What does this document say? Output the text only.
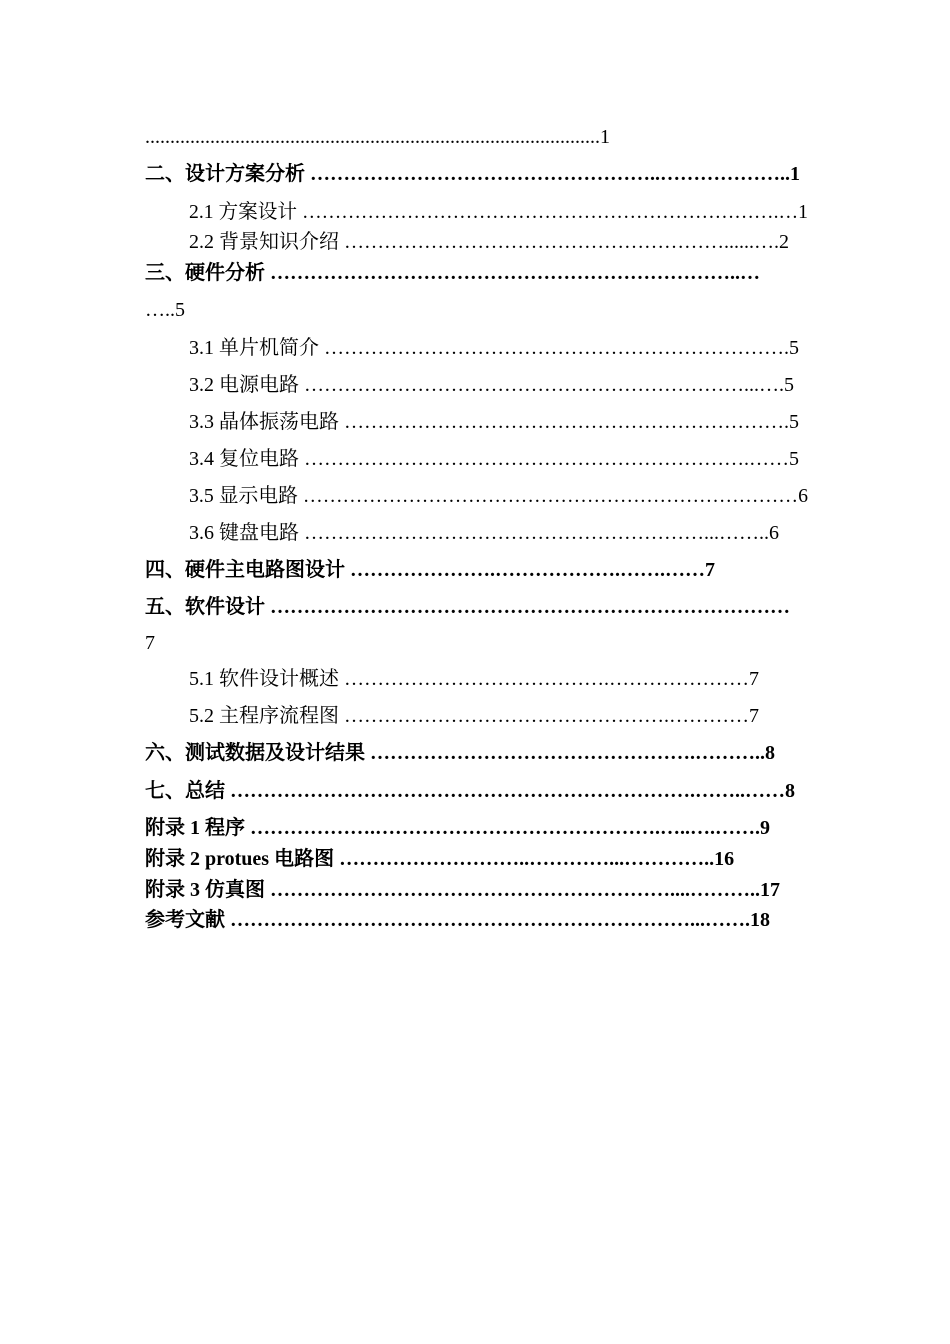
...........................................................................................1
二、设计方案分析 ……………………………………………..………………..1
2.1 方案设计 ……………………………………………………………….…1
2.2 背景知识介绍 …………………………………………………......….2
三、硬件分析 ……………………………………………………………..…
…..5
3.1 单片机简介 …………………………………………………………….5
3.2 电源电路 …………………………………………………………...….5
3.3 晶体振荡电路 ………………………………………………………….5
3.4 复位电路 ………………………………………………………….……5
3.5 显示电路 …………………………………………………………………6
3.6 键盘电路 ……………………………………………………...……..6
四、硬件主电路图设计 ………………….……………….…….……7
五、软件设计 ……………………………………………………………………
7
5.1 软件设计概述 ………………………………….…………………7
5.2 主程序流程图 ………………………………………….…………7
六、测试数据及设计结果 ………………………………………….………..8
七、总结 …………………………………………………………….……..……8
附录 1 程序 ……………….…………………………………….…..….…….9
附录 2 protues 电路图 ………………………..…………...…………..16
附录 3 仿真图 ……………………………………………………....………..17
参考文献 ……………………………………………………………...…….18
